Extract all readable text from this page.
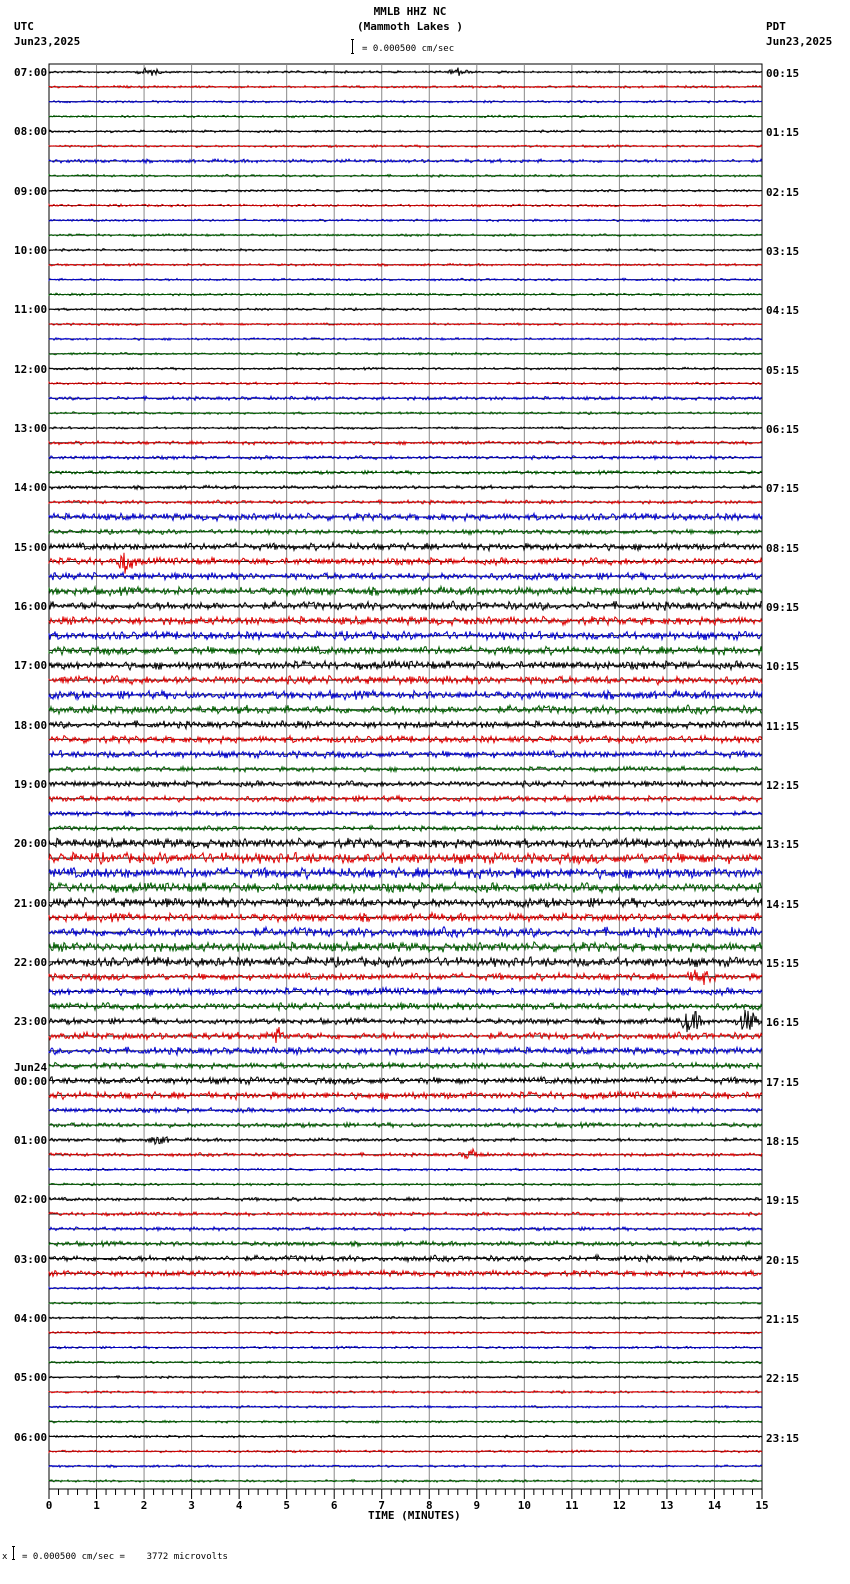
MMLB HHZ NC
(Mammoth Lakes )
UTC
Jun23,2025
PDT
Jun23,2025
= 0.000500 cm/sec
0	1	2	3	4	5	6	7	8	9	10	11	12	13	14	15
07:00
08:00
09:00
10:00
11:00
12:00
13:00
14:00
15:00
16:00
17:00
18:00
19:00
20:00
21:00
22:00
23:00
00:00
Jun24
01:00
02:00
03:00
04:00
05:00
06:00
00:15
01:15
02:15
03:15
04:15
05:15
06:15
07:15
08:15
09:15
10:15
11:15
12:15
13:15
14:15
15:15
16:15
17:15
18:15
19:15
20:15
21:15
22:15
23:15
TIME (MINUTES)
x = 0.000500 cm/sec =    3772 microvolts
